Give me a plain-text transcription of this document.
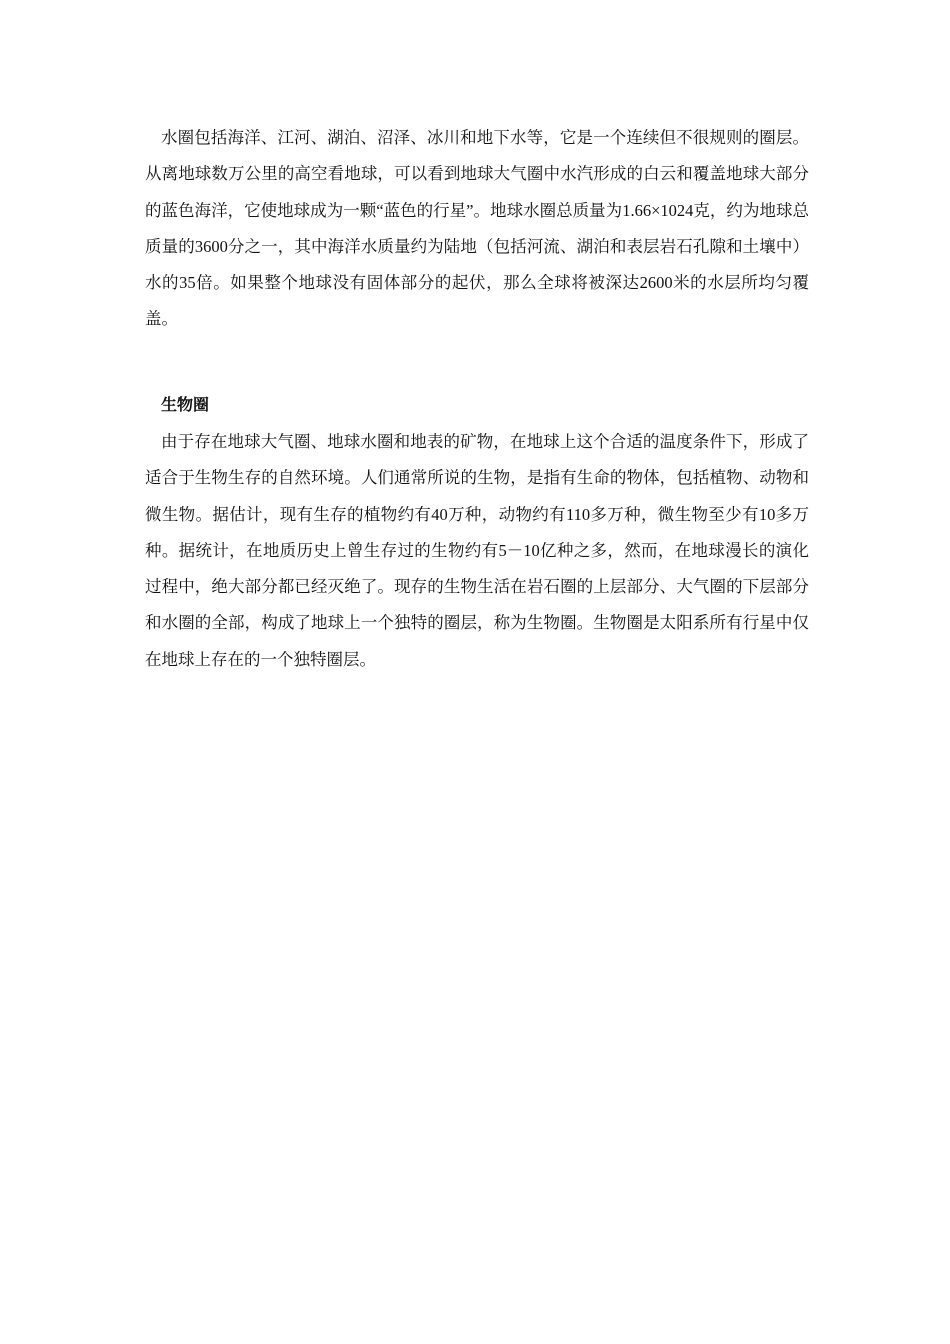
水圈包括海洋、江河、湖泊、沼泽、冰川和地下水等，它是一个连续但不很规则的圈层。从离地球数万公里的高空看地球，可以看到地球大气圈中水汽形成的白云和覆盖地球大部分的蓝色海洋，它使地球成为一颗“蓝色的行星”。地球水圈总质量为1.66×1024克，约为地球总质量的3600分之一，其中海洋水质量约为陆地（包括河流、湖泊和表层岩石孔隙和土壤中）水的35倍。如果整个地球没有固体部分的起伏，那么全球将被深达2600米的水层所均匀覆盖。

生物圈

由于存在地球大气圈、地球水圈和地表的矿物，在地球上这个合适的温度条件下，形成了适合于生物生存的自然环境。人们通常所说的生物，是指有生命的物体，包括植物、动物和微生物。据估计，现有生存的植物约有40万种，动物约有110多万种，微生物至少有10多万种。据统计，在地质历史上曾生存过的生物约有5－10亿种之多，然而，在地球漫长的演化过程中，绝大部分都已经灭绝了。现存的生物生活在岩石圈的上层部分、大气圈的下层部分和水圈的全部，构成了地球上一个独特的圈层，称为生物圈。生物圈是太阳系所有行星中仅在地球上存在的一个独特圈层。
